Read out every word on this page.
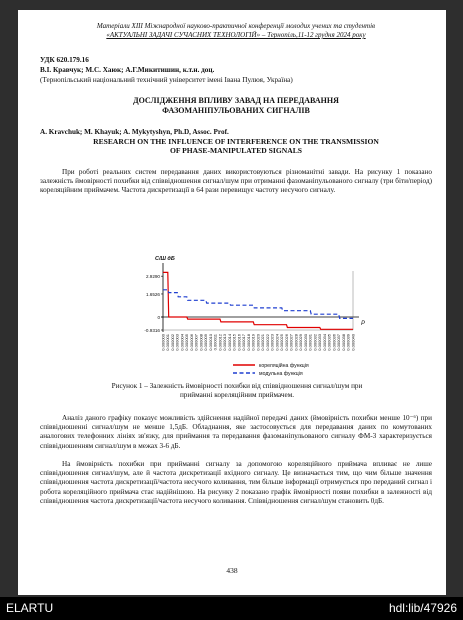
Матеріали ХІІІ Міжнародної науково-практичної конференції молодих учених та студентів
«АКТУАЛЬНІ ЗАДАЧІ СУЧАСНИХ ТЕХНОЛОГІЙ» – Тернопіль,11-12 грудня 2024 року
УДК 620.179.16
В.І. Кравчук; М.С. Хаюк; А.Г.Микитишин, к.т.н. доц.
(Тернопільський національний технічний університет імені Івана Пулюя, Україна)
ДОСЛІДЖЕННЯ ВПЛИВУ ЗАВАД НА ПЕРЕДАВАННЯ
ФАЗОМАНІПУЛЬОВАНИХ СИГНАЛІВ
A. Kravchuk; M. Khayuk; A. Mykytyshyn, Ph.D, Assoc. Prof.
RESEARCH ON THE INFLUENCE OF INTERFERENCE ON THE TRANSMISSION
OF PHASE-MANIPULATED SIGNALS
При роботі реальних систем передавання даних використовуються різноманітні завади. На рисунку 1 показано залежність ймовірності похибки від співвідношення сигнал/шум при отриманні фазоманіпульованого сигналу (три біти/період) кореляційним приймачем. Частота дискретизації в 64 рази перевищує частоту несучого сигналу.
С/Ш дБ
P
2.9290
1.6526
0
-0.9316
0.000000 0.000001 0.000002 0.000003 0.000004 0.000005 0.000006 0.000007 0.000008 0.000009 0.000010 0.000011 0.000012 0.000013 0.000014 0.000015 0.000016 0.000017 0.000018 0.000019 0.000020 0.000021 0.000022 0.000023 0.000024 0.000025 0.000026 0.000027 0.000028 0.000029 0.000030 0.000031 0.000032 0.000033 0.000034 0.000035 0.000036 0.000037 0.000038 0.000039 0.000040
кореляційна функція
модульна функція
Рисунок 1 – Залежність ймовірності похибки від співвідношення сигнал/шум при
прийманні кореляційним приймачем.
Аналіз даного графіку показує можливість здійснення надійної передачі даних (ймовірність похибки менше 10⁻⁶) при співвідношенні сигнал/шум не менше 1,5дБ. Обладнання, яке застосовується для передавання даних по комутованих аналогових телефонних лініях зв'язку, для приймання та передавання фазоманіпульованого сигналу ФМ-3 характеризується співвідношенням сигнал/шум в межах 3-6 дБ.
На ймовірність похибки при прийманні сигналу за допомогою кореляційного приймача впливає не лише співвідношення сигнал/шум, але й частота дискретизації вхідного сигналу. Це визначається тим, що чим більше значення співвідношення частота дискретизації/частота несучого коливання, тим більше інформації отримується про переданий сигнал і робота кореляційного приймача стає надійнішою. На рисунку 2 показано графік ймовірності появи похибки в залежності від співвідношення частота дискретизації/частота несучого коливання. Співвідношення сигнал/шум становить 0дБ.
438
ELARTU	hdl:lib/47926
